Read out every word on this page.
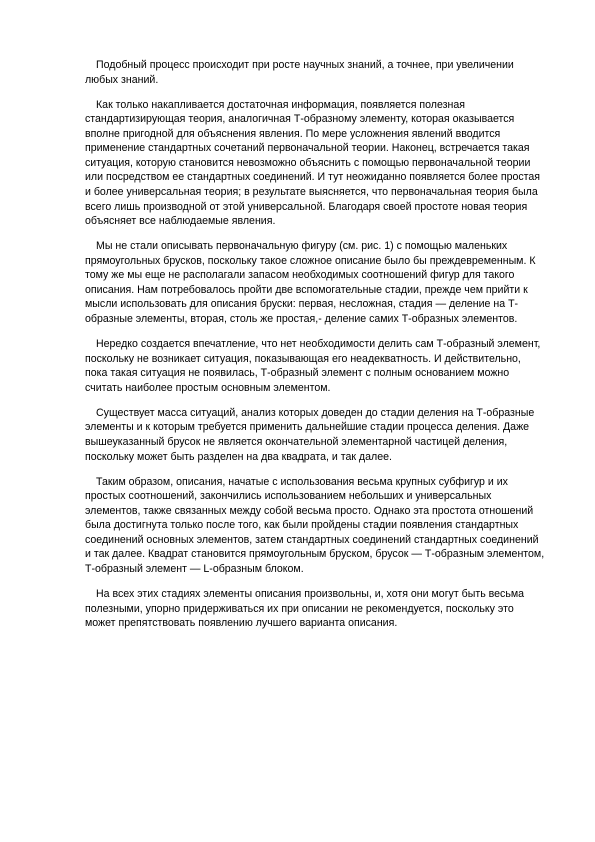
Подобный процесс происходит при росте научных знаний, а точнее, при увеличении любых знаний.

Как только накапливается достаточная информация, появляется полезная стандартизирующая теория, аналогичная Т-образному элементу, которая оказывается вполне пригодной для объяснения явления. По мере усложнения явлений вводится применение стандартных сочетаний первоначальной теории. Наконец, встречается такая ситуация, которую становится невозможно объяснить с помощью первоначальной теории или посредством ее стандартных соединений. И тут неожиданно появляется более простая и более универсальная теория; в результате выясняется, что первоначальная теория была всего лишь производной от этой универсальной. Благодаря своей простоте новая теория объясняет все наблюдаемые явления.

Мы не стали описывать первоначальную фигуру (см. рис. 1) с помощью маленьких прямоугольных брусков, поскольку такое сложное описание было бы преждевременным. К тому же мы еще не располагали запасом необходимых соотношений фигур для такого описания. Нам потребовалось пройти две вспомогательные стадии, прежде чем прийти к мысли использовать для описания бруски: первая, несложная, стадия — деление на Т-образные элементы, вторая, столь же простая,- деление самих Т-образных элементов.

Нередко создается впечатление, что нет необходимости делить сам Т-образный элемент, поскольку не возникает ситуация, показывающая его неадекватность. И действительно, пока такая ситуация не появилась, Т-образный элемент с полным основанием можно считать наиболее простым основным элементом.

Существует масса ситуаций, анализ которых доведен до стадии деления на Т-образные элементы и к которым требуется применить дальнейшие стадии процесса деления. Даже вышеуказанный брусок не является окончательной элементарной частицей деления, поскольку может быть разделен на два квадрата, и так далее.

Таким образом, описания, начатые с использования весьма крупных субфигур и их простых соотношений, закончились использованием небольших и универсальных элементов, также связанных между собой весьма просто. Однако эта простота отношений была достигнута только после того, как были пройдены стадии появления стандартных соединений основных элементов, затем стандартных соединений стандартных соединений и так далее. Квадрат становится прямоугольным бруском, брусок — Т-образным элементом, Т-образный элемент — L-образным блоком.

На всех этих стадиях элементы описания произвольны, и, хотя они могут быть весьма полезными, упорно придерживаться их при описании не рекомендуется, поскольку это может препятствовать появлению лучшего варианта описания.
